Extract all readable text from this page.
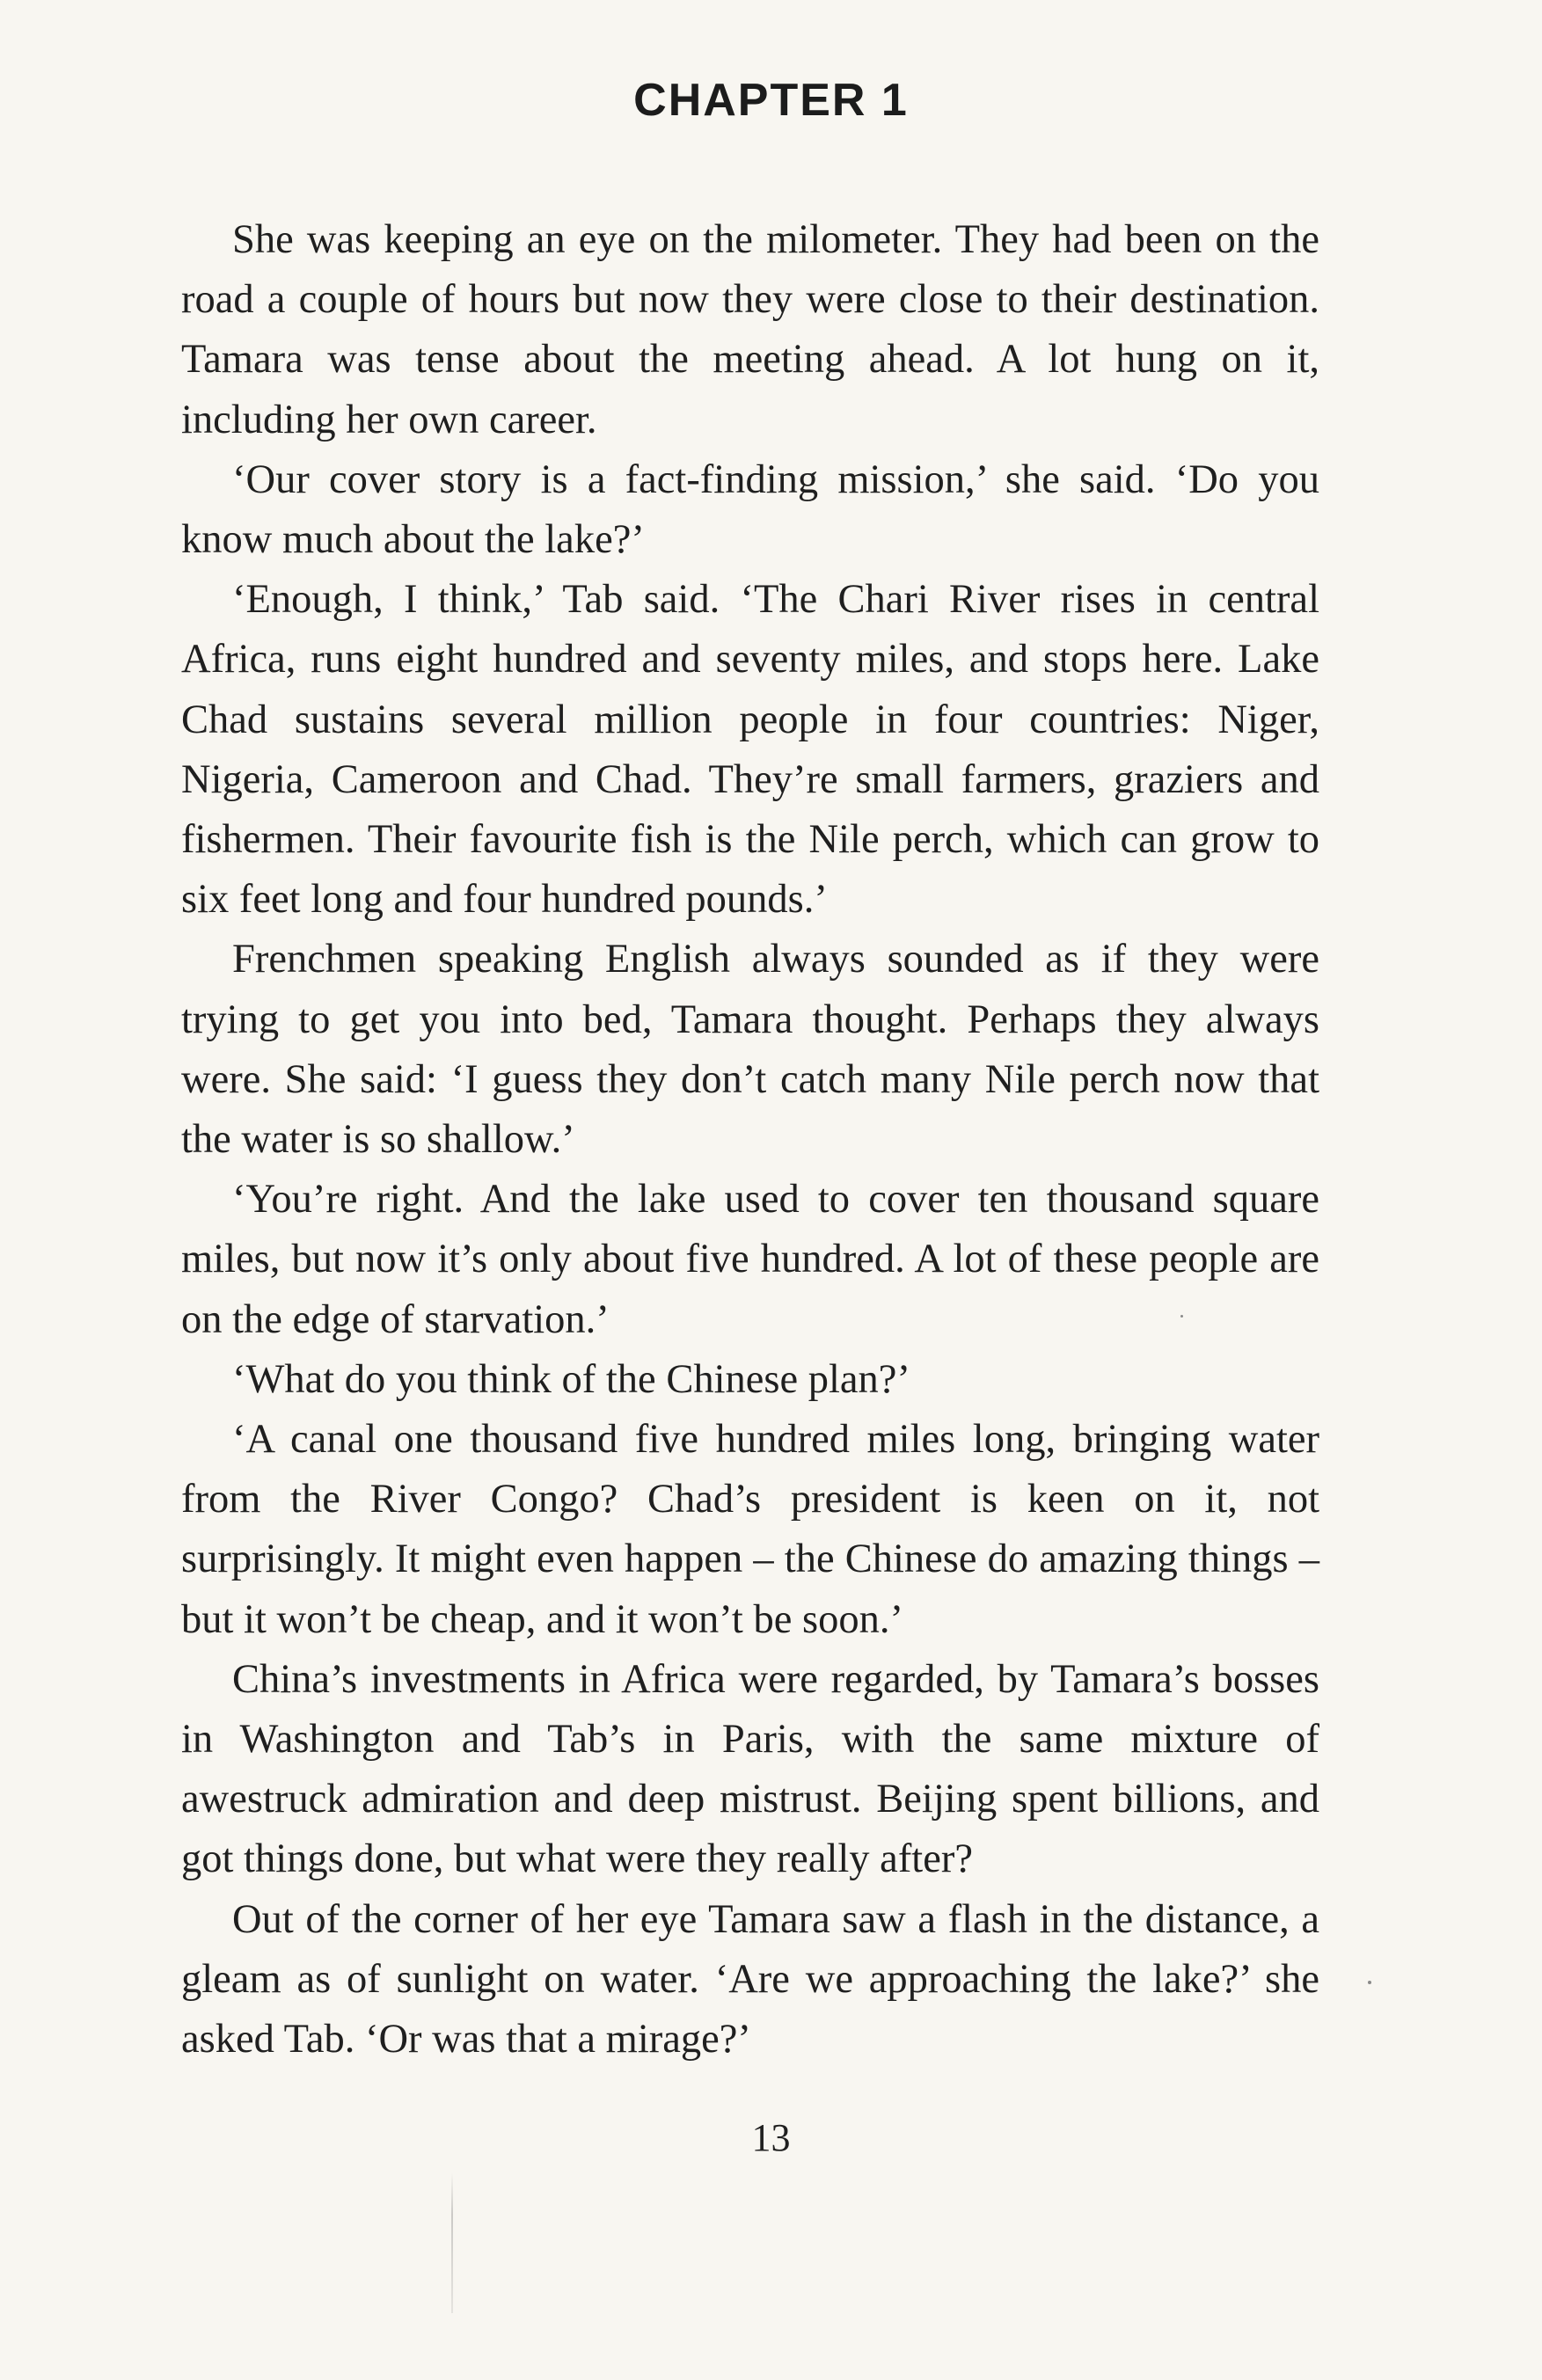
CHAPTER 1

She was keeping an eye on the milometer. They had been on the road a couple of hours but now they were close to their destination. Tamara was tense about the meeting ahead. A lot hung on it, including her own career.

‘Our cover story is a fact-finding mission,’ she said. ‘Do you know much about the lake?’

‘Enough, I think,’ Tab said. ‘The Chari River rises in central Africa, runs eight hundred and seventy miles, and stops here. Lake Chad sustains several million people in four countries: Niger, Nigeria, Cameroon and Chad. They’re small farmers, graziers and fishermen. Their favourite fish is the Nile perch, which can grow to six feet long and four hundred pounds.’

Frenchmen speaking English always sounded as if they were trying to get you into bed, Tamara thought. Perhaps they always were. She said: ‘I guess they don’t catch many Nile perch now that the water is so shallow.’

‘You’re right. And the lake used to cover ten thousand square miles, but now it’s only about five hundred. A lot of these people are on the edge of starvation.’

‘What do you think of the Chinese plan?’

‘A canal one thousand five hundred miles long, bringing water from the River Congo? Chad’s president is keen on it, not surprisingly. It might even happen – the Chinese do amazing things – but it won’t be cheap, and it won’t be soon.’

China’s investments in Africa were regarded, by Tamara’s bosses in Washington and Tab’s in Paris, with the same mixture of awestruck admiration and deep mistrust. Beijing spent billions, and got things done, but what were they really after?

Out of the corner of her eye Tamara saw a flash in the distance, a gleam as of sunlight on water. ‘Are we approaching the lake?’ she asked Tab. ‘Or was that a mirage?’

13
